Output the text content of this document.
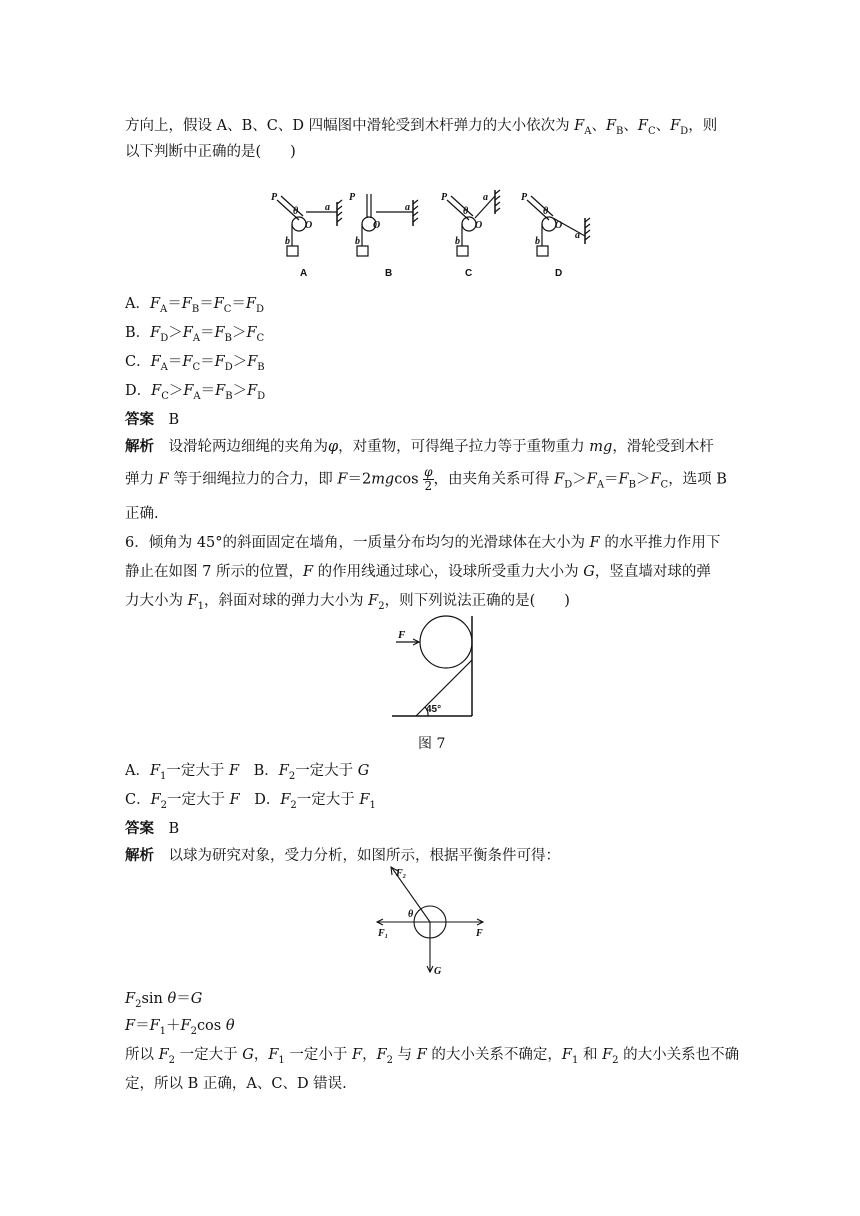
方向上，假设 A、B、C、D 四幅图中滑轮受到木杆弹力的大小依次为 $F_A$、$F_B$、$F_C$、$F_D$，则
以下判断中正确的是(　　)
P
θ
O
a
b
P
O
a
b
P
θ
O
a
b
P
θ
O
a
b
A	B	C	D
A．$F_A=F_B=F_C=F_D$
B．$F_D>F_A=F_B>F_C$
C．$F_A=F_C=F_D>F_B$
D．$F_C>F_A=F_B>F_D$
答案　 B
解析　设滑轮两边细绳的夹角为φ，对重物，可得绳子拉力等于重物重力 mg，滑轮受到木杆
弹力 F 等于细绳拉力的合力，即 $F=2mgcos \frac{\varphi}{2}$ ，由夹角关系可得 $F_D>F_A=F_B>F_C$，选项 B
正确.
6．倾角为 45°的斜面固定在墙角，一质量分布均匀的光滑球体在大小为 F 的水平推力作用下
静止在如图 7 所示的位置，F 的作用线通过球心，设球所受重力大小为 G，竖直墙对球的弹
力大小为 $F_1$，斜面对球的弹力大小为 $F_2$，则下列说法正确的是(　　)
F
45°
图 7
A．$F_1$一定大于 F　B．$F_2$一定大于 G
C．$F_2$一定大于 F　D．$F_2$一定大于 $F_1$
答案　 B
解析　以球为研究对象，受力分析，如图所示，根据平衡条件可得：
F₂
θ
F₁	F
G
$F_2\sin$ θ＝G
$F=F_1+F_2\cos$ θ
所以 $F_2$ 一定大于 G，$F_1$ 一定小于 F，$F_2$ 与 F 的大小关系不确定，$F_1$ 和 $F_2$ 的大小关系也不确
定，所以 B 正确，A、C、D 错误.
